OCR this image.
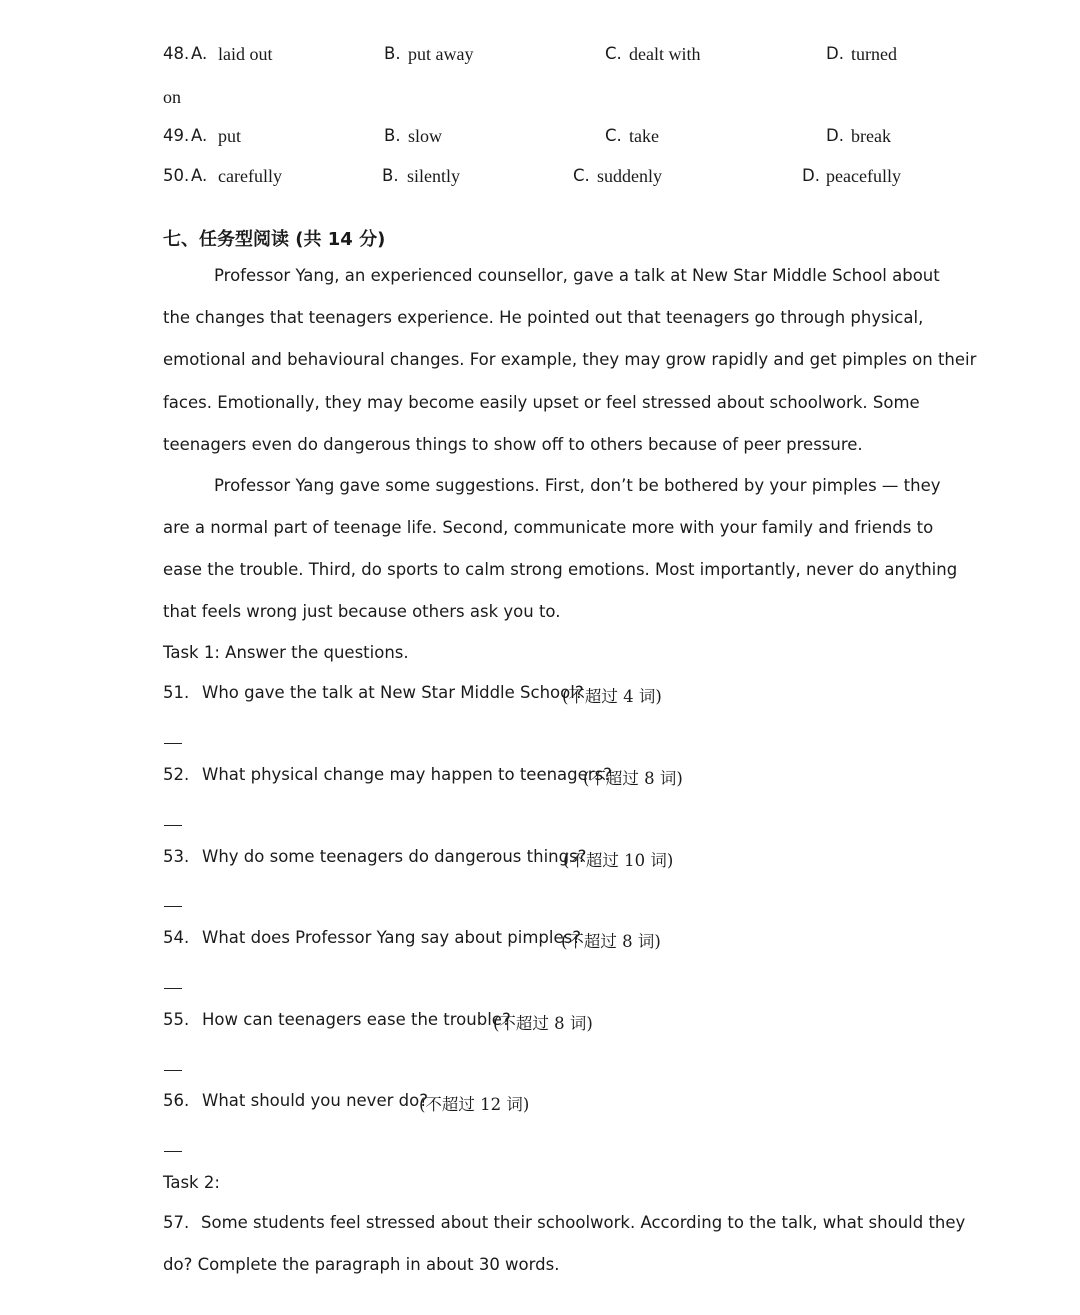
48. A. laid out	B. put away	C. dealt with	D. turned
on
49. A. put	B. slow	C. take	D. break
50. A. carefully	B. silently	C. suddenly	D. peacefully
七、任务型阅读 (共 14 分)
Professor Yang, an experienced counsellor, gave a talk at New Star Middle School about
the changes that teenagers experience. He pointed out that teenagers go through physical,
emotional and behavioural changes. For example, they may grow rapidly and get pimples on their
faces. Emotionally, they may become easily upset or feel stressed about schoolwork. Some
teenagers even do dangerous things to show off to others because of peer pressure.
Professor Yang gave some suggestions. First, don’t be bothered by your pimples — they
are a normal part of teenage life. Second, communicate more with your family and friends to
ease the trouble. Third, do sports to calm strong emotions. Most importantly, never do anything
that feels wrong just because others ask you to.
Task 1: Answer the questions.
51. Who gave the talk at New Star Middle School?
(不超过 4 词)
52. What physical change may happen to teenagers?
(不超过 8 词)
53. Why do some teenagers do dangerous things?
(不超过 10 词)
54. What does Professor Yang say about pimples?
(不超过 8 词)
55. How can teenagers ease the trouble?
(不超过 8 词)
56. What should you never do?
(不超过 12 词)
Task 2:
57. Some students feel stressed about their schoolwork. According to the talk, what should they
do? Complete the paragraph in about 30 words.
